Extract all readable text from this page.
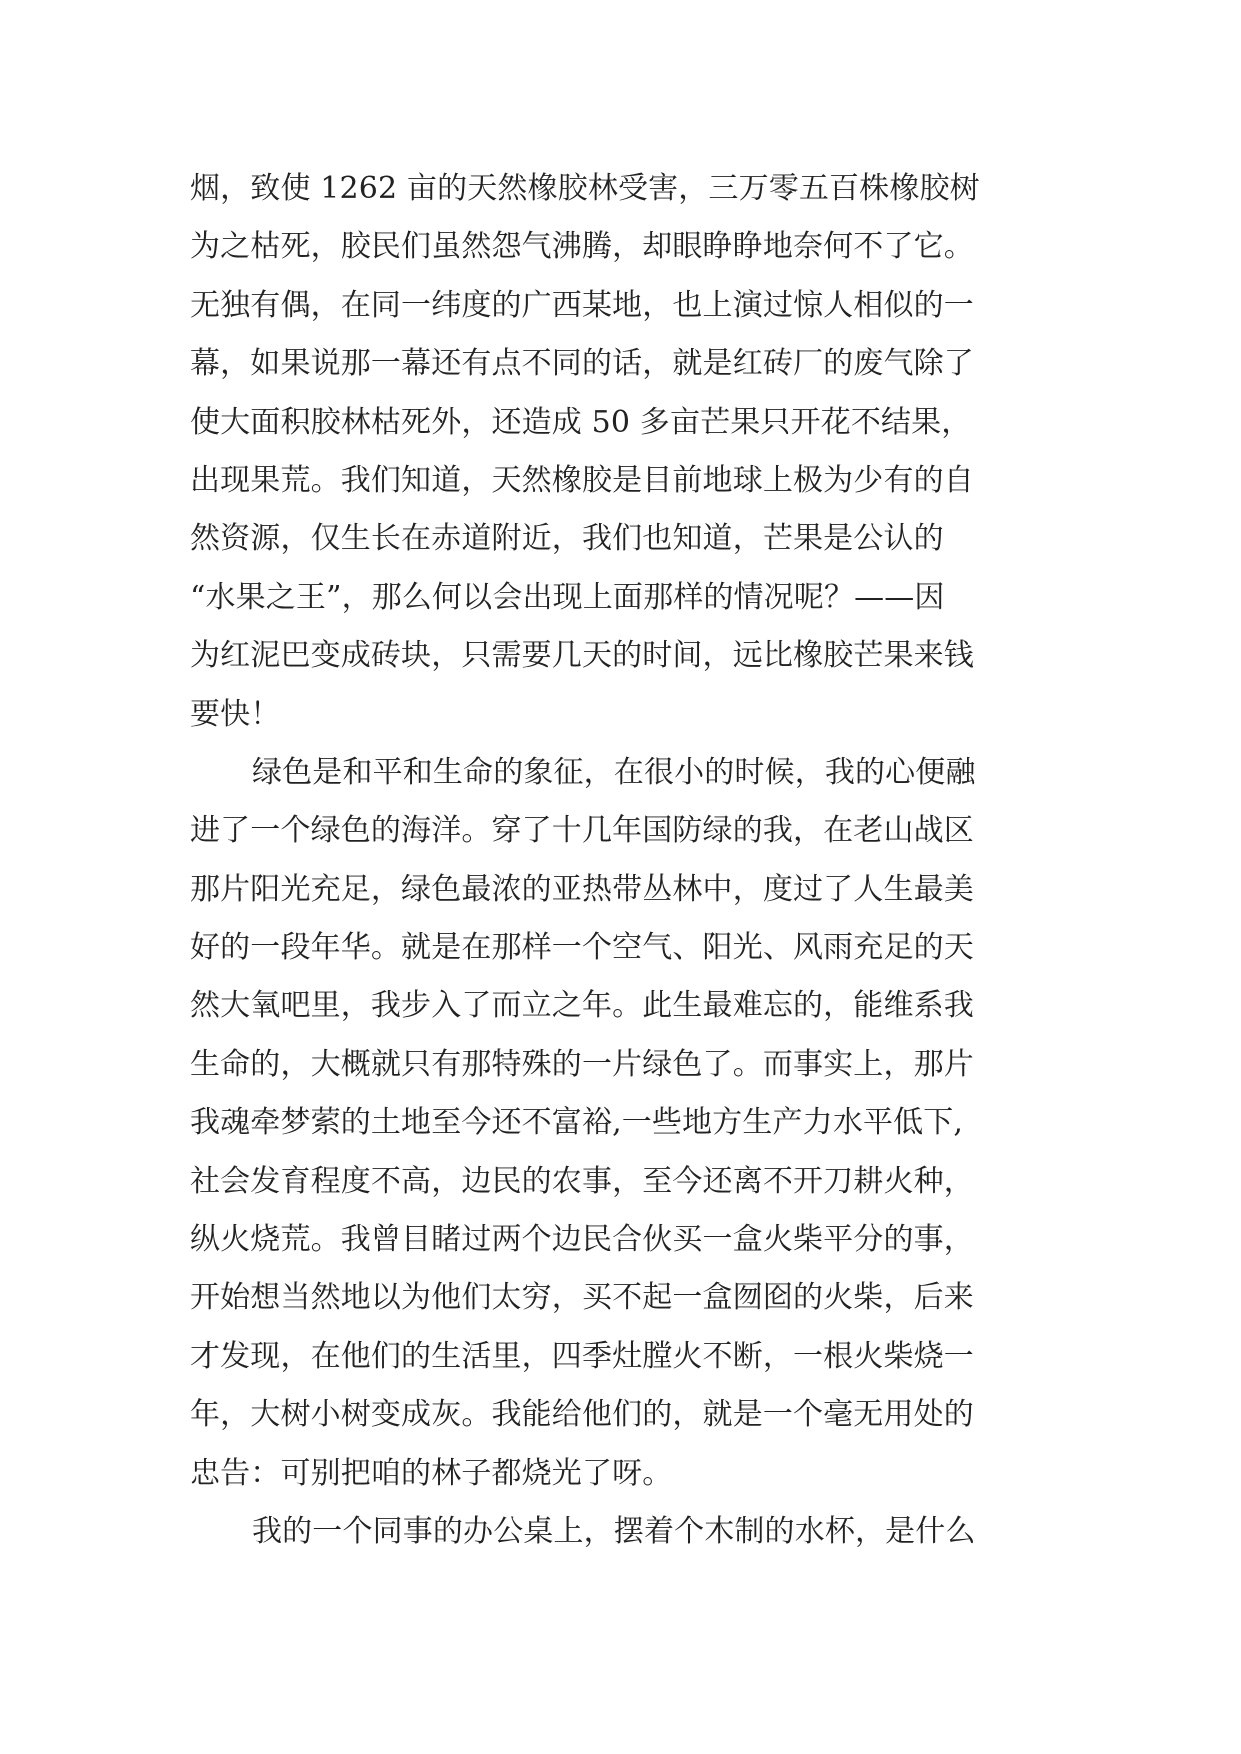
烟，致使 1262 亩的天然橡胶林受害，三万零五百株橡胶树
为之枯死，胶民们虽然怨气沸腾，却眼睁睁地奈何不了它。
无独有偶，在同一纬度的广西某地，也上演过惊人相似的一
幕，如果说那一幕还有点不同的话，就是红砖厂的废气除了
使大面积胶林枯死外，还造成 50 多亩芒果只开花不结果，
出现果荒。我们知道，天然橡胶是目前地球上极为少有的自
然资源，仅生长在赤道附近，我们也知道，芒果是公认的
“水果之王”，那么何以会出现上面那样的情况呢？——因
为红泥巴变成砖块，只需要几天的时间，远比橡胶芒果来钱
要快！
绿色是和平和生命的象征，在很小的时候，我的心便融
进了一个绿色的海洋。穿了十几年国防绿的我，在老山战区
那片阳光充足，绿色最浓的亚热带丛林中，度过了人生最美
好的一段年华。就是在那样一个空气、阳光、风雨充足的天
然大氧吧里，我步入了而立之年。此生最难忘的，能维系我
生命的，大概就只有那特殊的一片绿色了。而事实上，那片
我魂牵梦萦的土地至今还不富裕,一些地方生产力水平低下,
社会发育程度不高，边民的农事，至今还离不开刀耕火种，
纵火烧荒。我曾目睹过两个边民合伙买一盒火柴平分的事，
开始想当然地以为他们太穷，买不起一盒囫囵的火柴，后来
才发现，在他们的生活里，四季灶膛火不断，一根火柴烧一
年，大树小树变成灰。我能给他们的，就是一个毫无用处的
忠告：可别把咱的林子都烧光了呀。
我的一个同事的办公桌上，摆着个木制的水杯，是什么
